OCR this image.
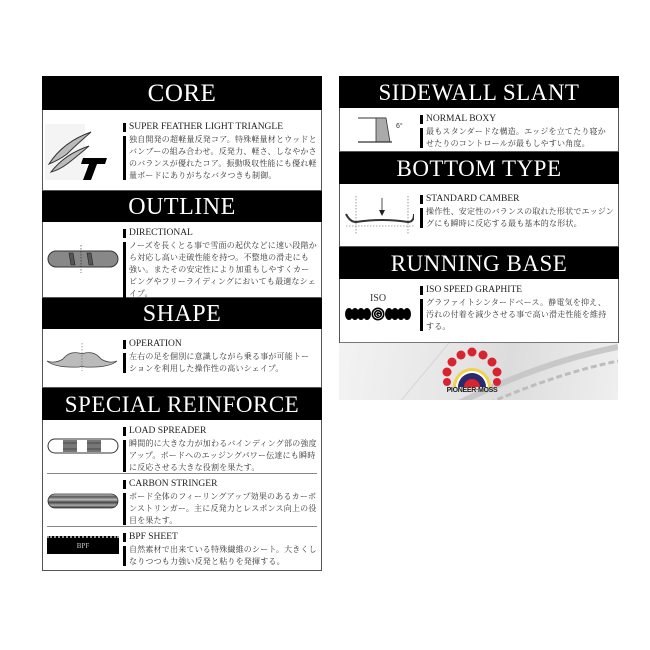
CORE
SUPER FEATHER LIGHT TRIANGLE
独自開発の超軽量反発コア。特殊軽量材とウッドとバンブーの組み合わせ。反発力、軽さ、しなやかさのバランスが優れたコア。振動吸収性能にも優れ軽量ボードにありがちなバタつきも制御。
OUTLINE
DIRECTIONAL
ノーズを長くとる事で雪面の起伏などに速い段階から対応し高い走破性能を持つ。不整地の滑走にも強い。またその安定性により加重もしやすくカービングやフリーライディングにおいても最適なシェイプ。
SHAPE
OPERATION
左右の足を個別に意識しながら乗る事が可能トーションを利用した操作性の高いシェイプ。
SPECIAL REINFORCE
LOAD SPREADER
瞬間的に大きな力が加わるバインディング部の強度アップ。ボードへのエッジングパワー伝達にも瞬時に反応させる大きな役割を果たす。
CARBON STRINGER
ボード全体のフィーリングアップ効果のあるカーボンストリンガー。主に反発力とレスポンス向上の役目を果たす。
BPF
BPF SHEET
自然素材で出来ている特殊繊維のシート。大きくしなりつつも力強い反発と粘りを発揮する。
SIDEWALL SLANT
6°
NORMAL BOXY
最もスタンダードな構造。エッジを立てたり寝かせたりのコントロールが最もしやすい角度。
BOTTOM TYPE
STANDARD CAMBER
操作性、安定性のバランスの取れた形状でエッジングにも瞬時に反応する最も基本的な形状。
RUNNING BASE
ISO
G
ISO SPEED GRAPHITE
グラファイトシンタードベース。静電気を抑え、汚れの付着を減少させる事で高い滑走性能を維持する。
PIONEER·MOSS
